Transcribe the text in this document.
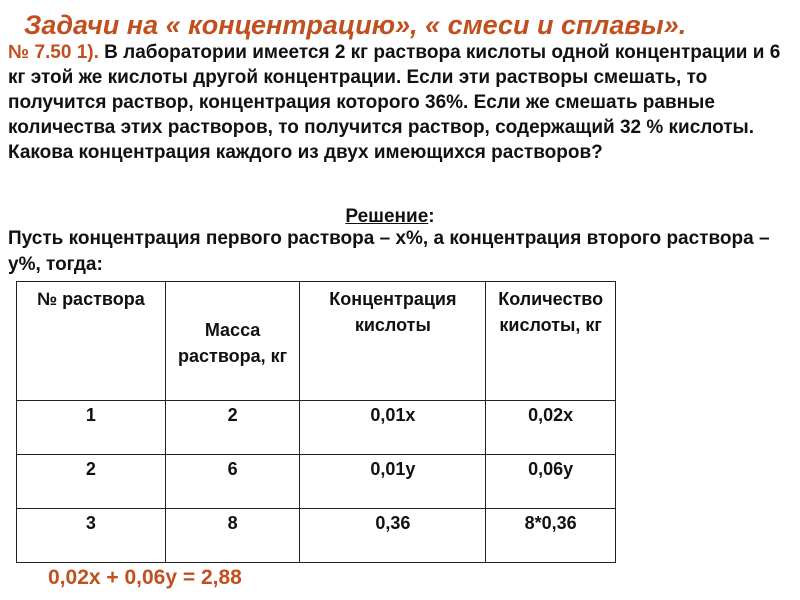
Задачи на « концентрацию», « смеси и сплавы».
№ 7.50 1). В лаборатории имеется 2 кг раствора кислоты одной концентрации и 6 кг этой же кислоты другой концентрации. Если эти растворы смешать, то получится раствор, концентрация которого 36%. Если же смешать равные количества этих растворов, то получится раствор, содержащий 32 % кислоты. Какова концентрация каждого из двух имеющихся растворов?
Решение:
Пусть концентрация первого раствора – х%, а концентрация второго раствора – у%, тогда:
№ раствора	Масса раствора, кг	Концентрация кислоты	Количество кислоты, кг
1	2	0,01х	0,02х
2	6	0,01у	0,06у
3	8	0,36	8*0,36
0,02х + 0,06у = 2,88
